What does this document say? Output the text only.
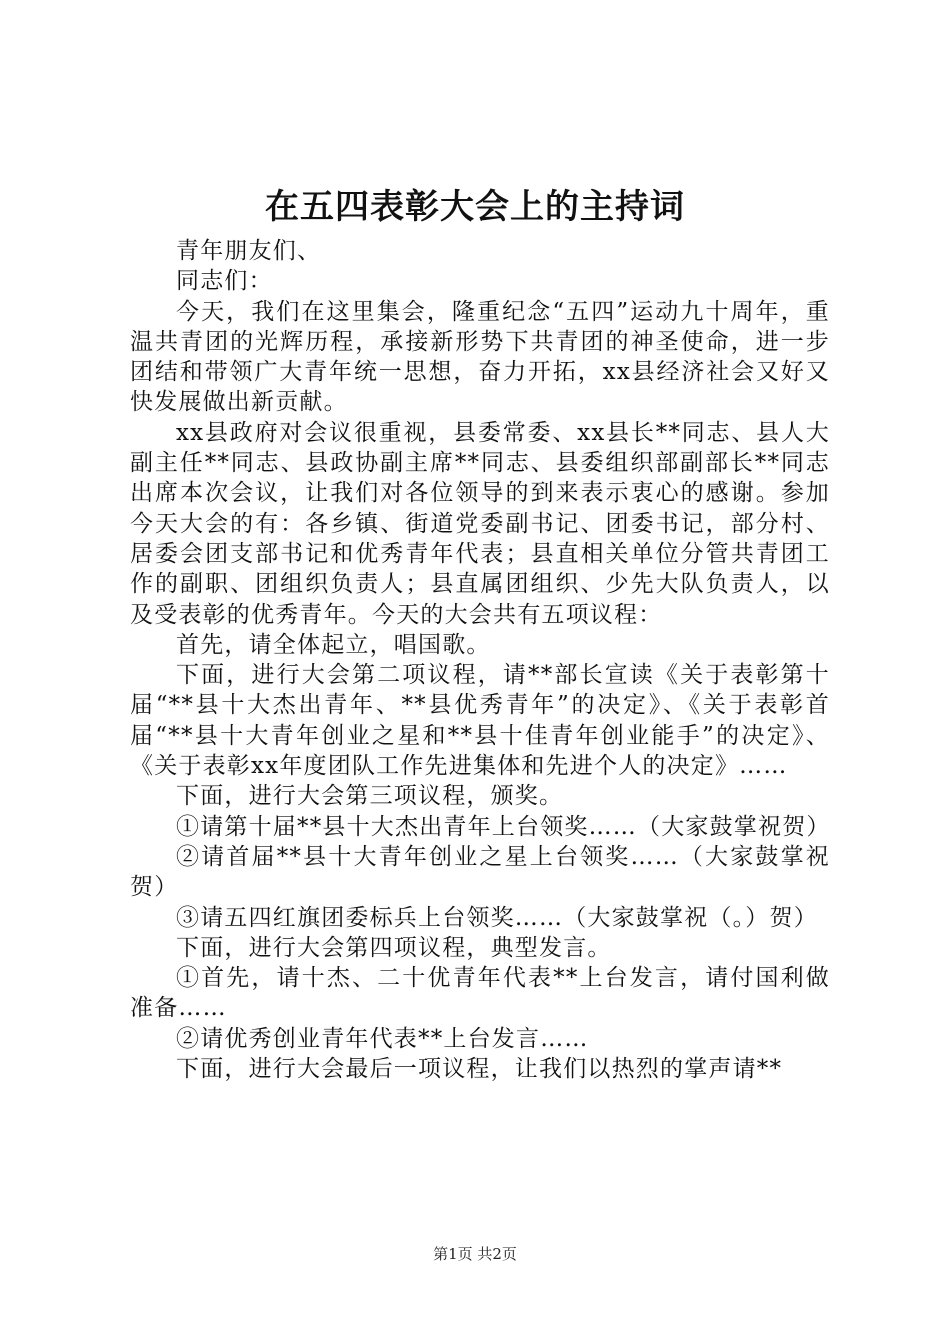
在五四表彰大会上的主持词

青年朋友们、

同志们：

今天，我们在这里集会，隆重纪念“五四”运动九十周年，重温共青团的光辉历程，承接新形势下共青团的神圣使命，进一步团结和带领广大青年统一思想，奋力开拓，xx县经济社会又好又快发展做出新贡献。

xx县政府对会议很重视，县委常委、xx县长**同志、县人大副主任**同志、县政协副主席**同志、县委组织部副部长**同志出席本次会议，让我们对各位领导的到来表示衷心的感谢。参加今天大会的有：各乡镇、街道党委副书记、团委书记，部分村、居委会团支部书记和优秀青年代表；县直相关单位分管共青团工作的副职、团组织负责人；县直属团组织、少先大队负责人，以及受表彰的优秀青年。今天的大会共有五项议程：

首先，请全体起立，唱国歌。

下面，进行大会第二项议程，请**部长宣读《关于表彰第十届“**县十大杰出青年、**县优秀青年”的决定》、《关于表彰首届“**县十大青年创业之星和**县十佳青年创业能手”的决定》、《关于表彰xx年度团队工作先进集体和先进个人的决定》……

下面，进行大会第三项议程，颁奖。

①请第十届**县十大杰出青年上台领奖……（大家鼓掌祝贺）

②请首届**县十大青年创业之星上台领奖……（大家鼓掌祝贺）

③请五四红旗团委标兵上台领奖……（大家鼓掌祝（。）贺）

下面，进行大会第四项议程，典型发言。

①首先，请十杰、二十优青年代表**上台发言，请付国利做准备……

②请优秀创业青年代表**上台发言……

下面，进行大会最后一项议程，让我们以热烈的掌声请**

第1页 共2页
